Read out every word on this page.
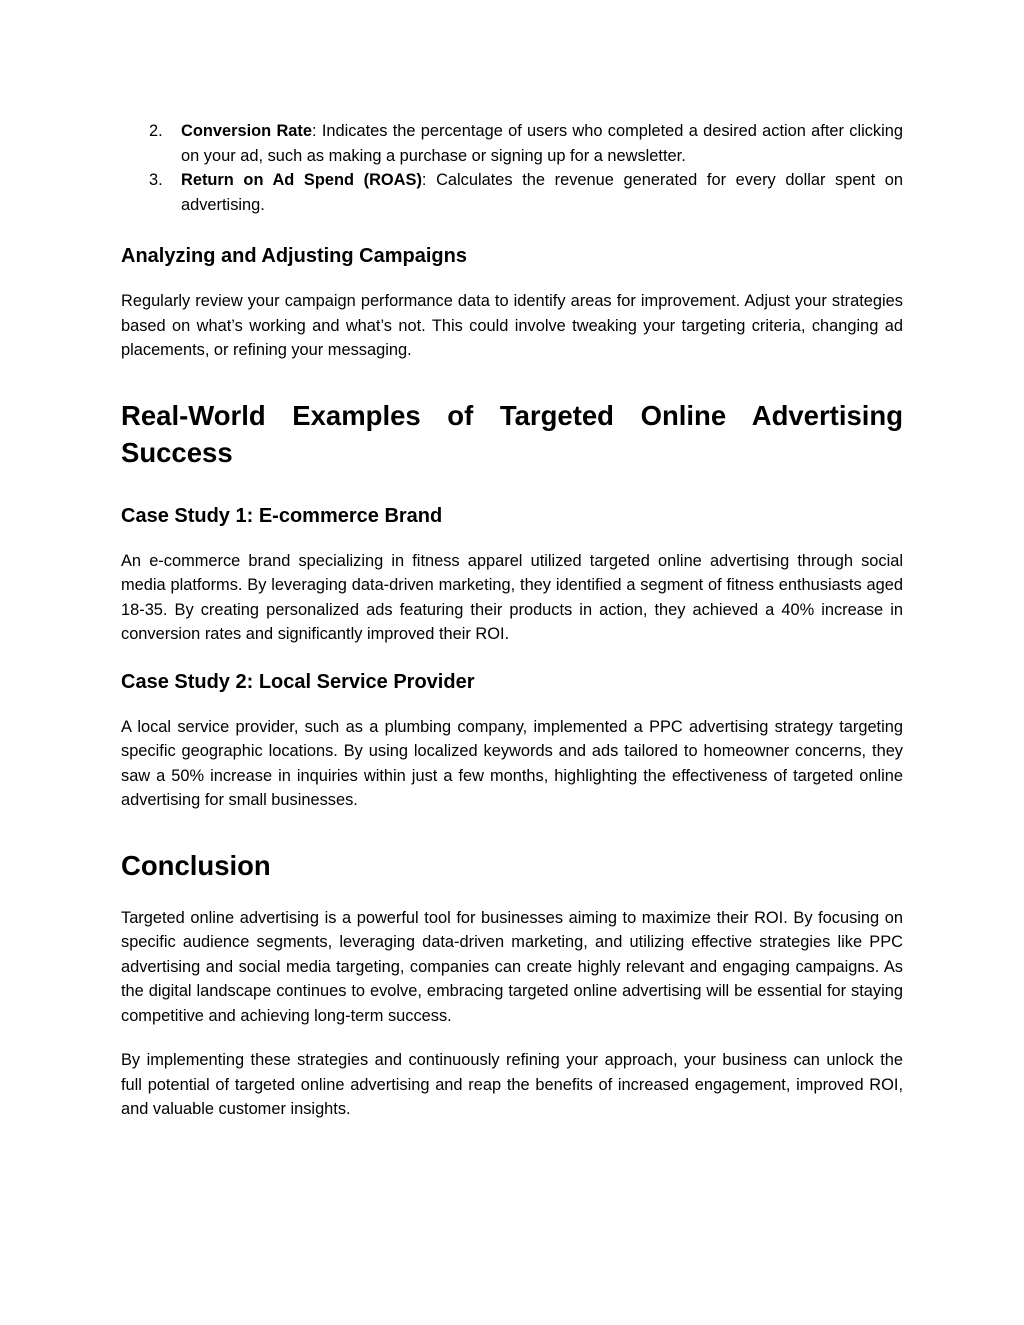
2. Conversion Rate: Indicates the percentage of users who completed a desired action after clicking on your ad, such as making a purchase or signing up for a newsletter.
3. Return on Ad Spend (ROAS): Calculates the revenue generated for every dollar spent on advertising.
Analyzing and Adjusting Campaigns

Regularly review your campaign performance data to identify areas for improvement. Adjust your strategies based on what’s working and what’s not. This could involve tweaking your targeting criteria, changing ad placements, or refining your messaging.

Real-World Examples of Targeted Online Advertising Success
Case Study 1: E-commerce Brand

An e-commerce brand specializing in fitness apparel utilized targeted online advertising through social media platforms. By leveraging data-driven marketing, they identified a segment of fitness enthusiasts aged 18-35. By creating personalized ads featuring their products in action, they achieved a 40% increase in conversion rates and significantly improved their ROI.

Case Study 2: Local Service Provider

A local service provider, such as a plumbing company, implemented a PPC advertising strategy targeting specific geographic locations. By using localized keywords and ads tailored to homeowner concerns, they saw a 50% increase in inquiries within just a few months, highlighting the effectiveness of targeted online advertising for small businesses.

Conclusion

Targeted online advertising is a powerful tool for businesses aiming to maximize their ROI. By focusing on specific audience segments, leveraging data-driven marketing, and utilizing effective strategies like PPC advertising and social media targeting, companies can create highly relevant and engaging campaigns. As the digital landscape continues to evolve, embracing targeted online advertising will be essential for staying competitive and achieving long-term success.

By implementing these strategies and continuously refining your approach, your business can unlock the full potential of targeted online advertising and reap the benefits of increased engagement, improved ROI, and valuable customer insights.
